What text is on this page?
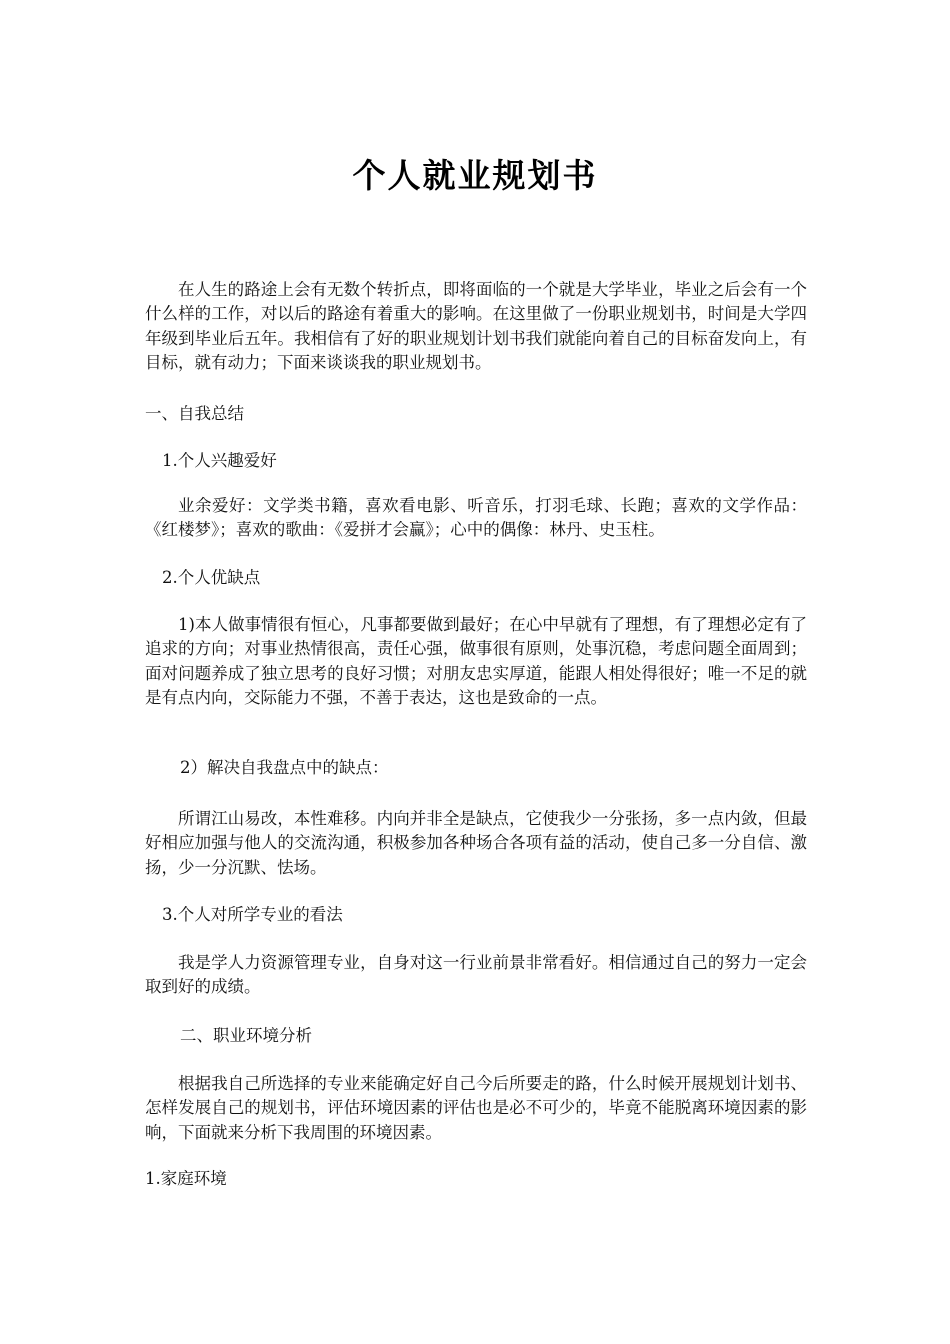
个人就业规划书

在人生的路途上会有无数个转折点，即将面临的一个就是大学毕业，毕业之后会有一个什么样的工作，对以后的路途有着重大的影响。在这里做了一份职业规划书，时间是大学四年级到毕业后五年。我相信有了好的职业规划计划书我们就能向着自己的目标奋发向上，有目标，就有动力；下面来谈谈我的职业规划书。

一、自我总结
1.个人兴趣爱好

业余爱好：文学类书籍，喜欢看电影、听音乐，打羽毛球、长跑；喜欢的文学作品：《红楼梦》；喜欢的歌曲：《爱拼才会赢》；心中的偶像：林丹、史玉柱。

2.个人优缺点

1)本人做事情很有恒心，凡事都要做到最好；在心中早就有了理想，有了理想必定有了追求的方向；对事业热情很高，责任心强，做事很有原则，处事沉稳，考虑问题全面周到；面对问题养成了独立思考的良好习惯；对朋友忠实厚道，能跟人相处得很好；唯一不足的就是有点内向，交际能力不强，不善于表达，这也是致命的一点。

2）解决自我盘点中的缺点：

所谓江山易改，本性难移。内向并非全是缺点，它使我少一分张扬，多一点内敛，但最好相应加强与他人的交流沟通，积极参加各种场合各项有益的活动，使自己多一分自信、激扬，少一分沉默、怯场。

3.个人对所学专业的看法

我是学人力资源管理专业，自身对这一行业前景非常看好。相信通过自己的努力一定会取到好的成绩。

二、职业环境分析

根据我自己所选择的专业来能确定好自己今后所要走的路，什么时候开展规划计划书、怎样发展自己的规划书，评估环境因素的评估也是必不可少的，毕竟不能脱离环境因素的影响，下面就来分析下我周围的环境因素。

1.家庭环境
